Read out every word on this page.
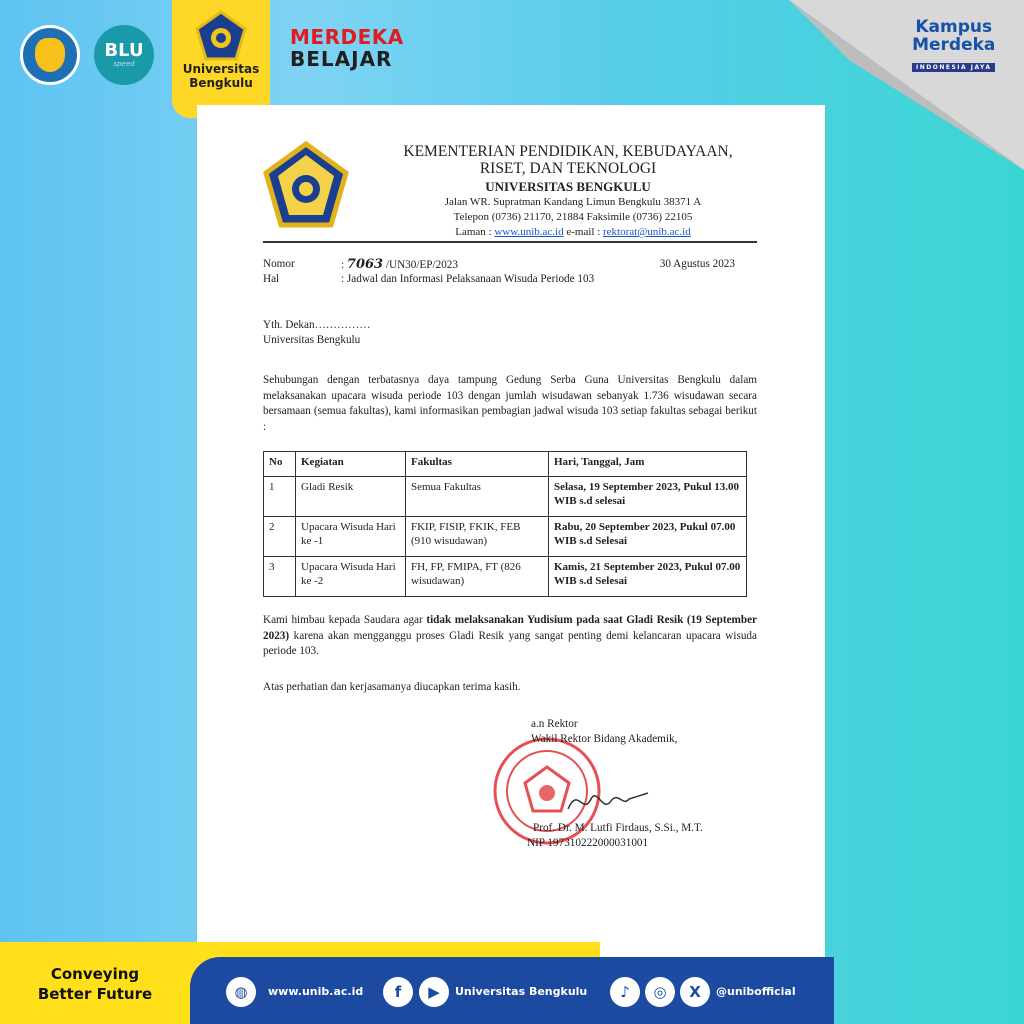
BLU
speed	Universitas
Bengkulu
MERDEKA
BELAJAR
Kampus
Merdeka
INDONESIA JAYA
KEMENTERIAN PENDIDIKAN, KEBUDAYAAN,
RISET, DAN TEKNOLOGI
UNIVERSITAS BENGKULU
Jalan WR. Supratman Kandang Limun Bengkulu 38371 A
Telepon (0736) 21170, 21884 Faksimile (0736) 22105
Laman : www.unib.ac.id e-mail : rektorat@unib.ac.id
Nomor	: 7063 /UN30/EP/2023	30 Agustus 2023
Hal	: Jadwal dan Informasi Pelaksanaan Wisuda Periode 103
Yth. Dekan……………
Universitas Bengkulu
Sehubungan dengan terbatasnya daya tampung Gedung Serba Guna Universitas Bengkulu dalam melaksanakan upacara wisuda periode 103 dengan jumlah wisudawan sebanyak 1.736 wisudawan secara bersamaan (semua fakultas), kami informasikan pembagian jadwal wisuda 103 setiap fakultas sebagai berikut :
No	Kegiatan	Fakultas	Hari, Tanggal, Jam
1	Gladi Resik	Semua Fakultas	Selasa, 19 September 2023, Pukul 13.00 WIB s.d selesai
2	Upacara Wisuda Hari ke -1	FKIP, FISIP, FKIK, FEB (910 wisudawan)	Rabu, 20 September 2023, Pukul 07.00 WIB s.d Selesai
3	Upacara Wisuda Hari ke -2	FH, FP, FMIPA, FT (826 wisudawan)	Kamis, 21 September 2023, Pukul 07.00 WIB s.d Selesai
Kami himbau kepada Saudara agar tidak melaksanakan Yudisium pada saat Gladi Resik (19 September 2023) karena akan mengganggu proses Gladi Resik yang sangat penting demi kelancaran upacara wisuda periode 103.
Atas perhatian dan kerjasamanya diucapkan terima kasih.
a.n Rektor
Wakil Rektor Bidang Akademik,
Prof. Dr. M. Lutfi Firdaus, S.Si., M.T.
NIP 197310222000031001
Conveying
Better Future	◍ www.unib.ac.id f ▶ Universitas Bengkulu ♪ ◎ X @unibofficial
